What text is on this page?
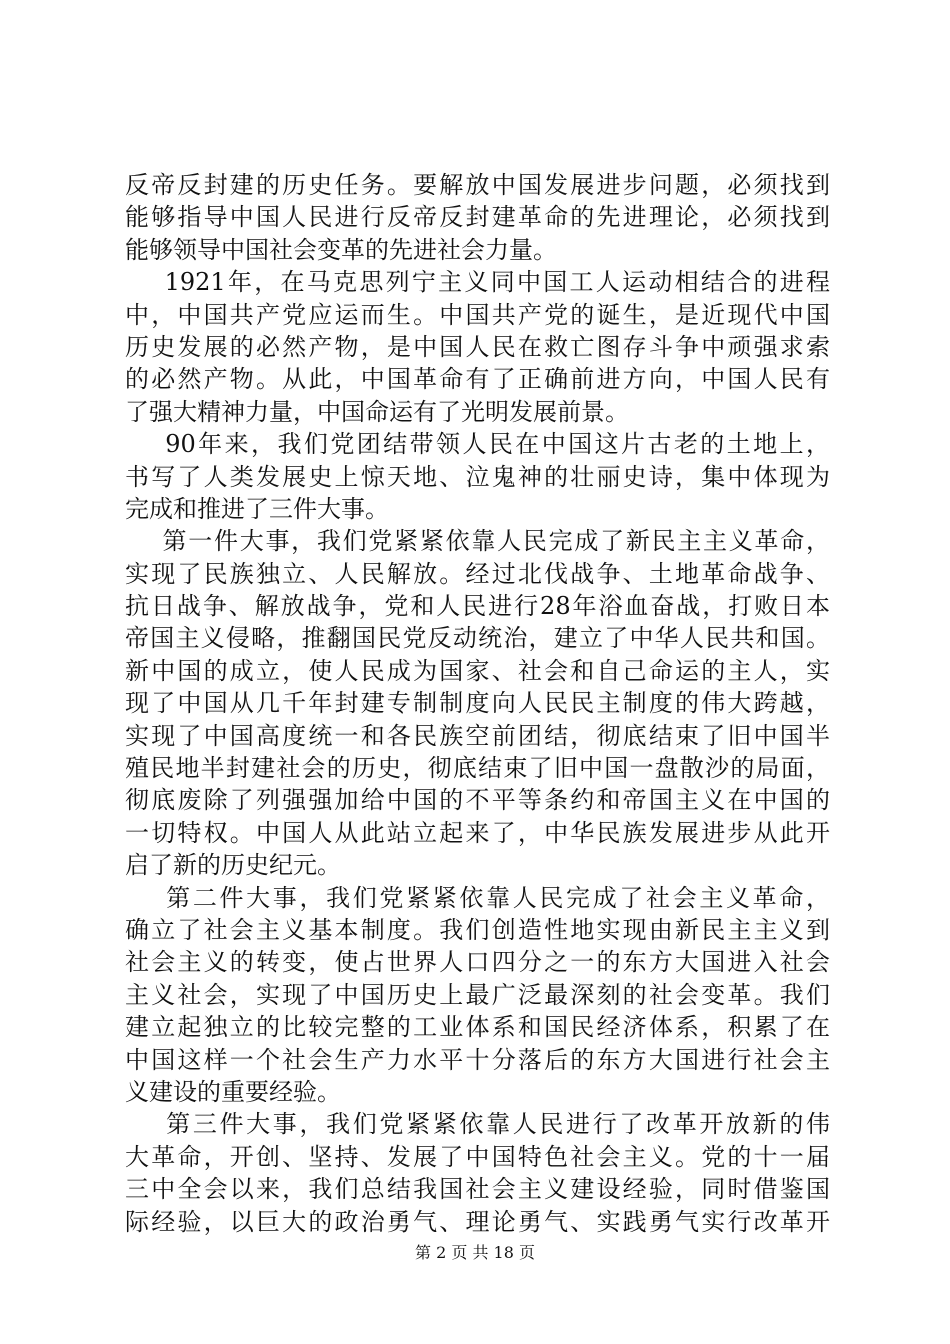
反帝反封建的历史任务。要解放中国发展进步问题，必须找到
能够指导中国人民进行反帝反封建革命的先进理论，必须找到
能够领导中国社会变革的先进社会力量。
1921年，在马克思列宁主义同中国工人运动相结合的进程
中，中国共产党应运而生。中国共产党的诞生，是近现代中国
历史发展的必然产物，是中国人民在救亡图存斗争中顽强求索
的必然产物。从此，中国革命有了正确前进方向，中国人民有
了强大精神力量，中国命运有了光明发展前景。
90年来，我们党团结带领人民在中国这片古老的土地上，
书写了人类发展史上惊天地、泣鬼神的壮丽史诗，集中体现为
完成和推进了三件大事。
第一件大事，我们党紧紧依靠人民完成了新民主主义革命，
实现了民族独立、人民解放。经过北伐战争、土地革命战争、
抗日战争、解放战争，党和人民进行28年浴血奋战，打败日本
帝国主义侵略，推翻国民党反动统治，建立了中华人民共和国。
新中国的成立，使人民成为国家、社会和自己命运的主人，实
现了中国从几千年封建专制制度向人民民主制度的伟大跨越，
实现了中国高度统一和各民族空前团结，彻底结束了旧中国半
殖民地半封建社会的历史，彻底结束了旧中国一盘散沙的局面，
彻底废除了列强强加给中国的不平等条约和帝国主义在中国的
一切特权。中国人从此站立起来了，中华民族发展进步从此开
启了新的历史纪元。
第二件大事，我们党紧紧依靠人民完成了社会主义革命，
确立了社会主义基本制度。我们创造性地实现由新民主主义到
社会主义的转变，使占世界人口四分之一的东方大国进入社会
主义社会，实现了中国历史上最广泛最深刻的社会变革。我们
建立起独立的比较完整的工业体系和国民经济体系，积累了在
中国这样一个社会生产力水平十分落后的东方大国进行社会主
义建设的重要经验。
第三件大事，我们党紧紧依靠人民进行了改革开放新的伟
大革命，开创、坚持、发展了中国特色社会主义。党的十一届
三中全会以来，我们总结我国社会主义建设经验，同时借鉴国
际经验，以巨大的政治勇气、理论勇气、实践勇气实行改革开
第 2 页 共 18 页
